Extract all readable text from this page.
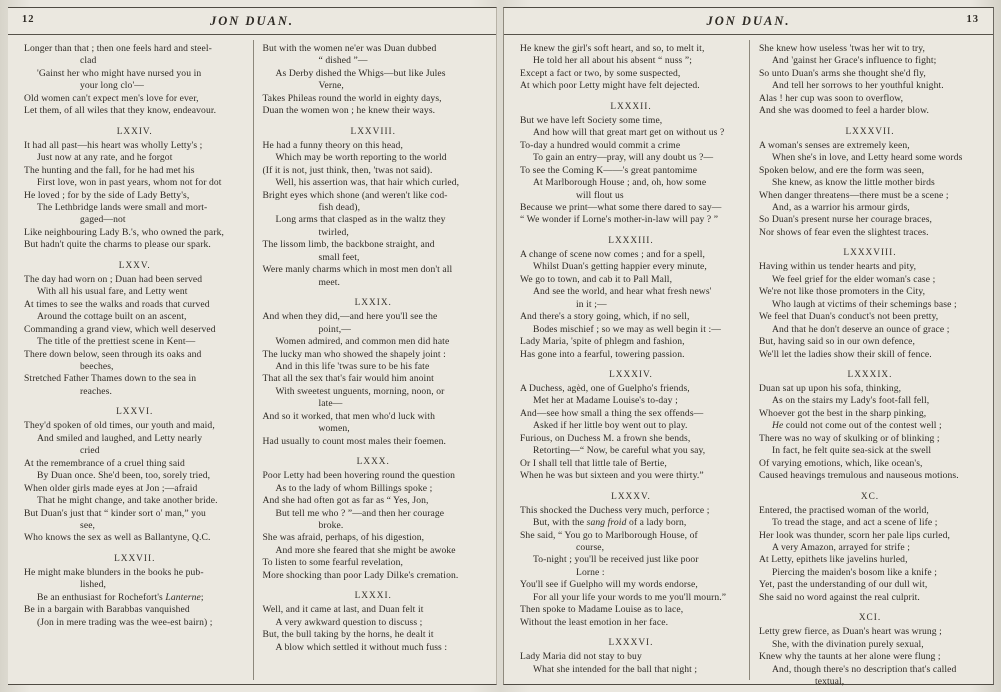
12	JON DUAN.
Longer than that ; then one feels hard and steel-
clad
'Gainst her who might have nursed you in
your long clo'—
Old women can't expect men's love for ever,
Let them, of all wiles that they know, endeavour.
LXXIV.
It had all past—his heart was wholly Letty's ;
Just now at any rate, and he forgot
The hunting and the fall, for he had met his
First love, won in past years, whom not for dot
He loved ; for by the side of Lady Betty's,
The Lethbridge lands were small and mort-
gaged—not
Like neighbouring Lady B.'s, who owned the park,
But hadn't quite the charms to please our spark.
LXXV.
The day had worn on ; Duan had been served
With all his usual fare, and Letty went
At times to see the walks and roads that curved
Around the cottage built on an ascent,
Commanding a grand view, which well deserved
The title of the prettiest scene in Kent—
There down below, seen through its oaks and
beeches,
Stretched Father Thames down to the sea in
reaches.
LXXVI.
They'd spoken of old times, our youth and maid,
And smiled and laughed, and Letty nearly
cried
At the remembrance of a cruel thing said
By Duan once. She'd been, too, sorely tried,
When older girls made eyes at Jon ;—afraid
That he might change, and take another bride.
But Duan's just that “ kinder sort o' man,” you
see,
Who knows the sex as well as Ballantyne, Q.C.
LXXVII.
He might make blunders in the books he pub-
lished,
Be an enthusiast for Rochefort's Lanterne;
Be in a bargain with Barabbas vanquished
(Jon in mere trading was the wee-est bairn) ;
But with the women ne'er was Duan dubbed
“ dished ”—
As Derby dished the Whigs—but like Jules
Verne,
Takes Phileas round the world in eighty days,
Duan the women won ; he knew their ways.
LXXVIII.
He had a funny theory on this head,
Which may be worth reporting to the world
(If it is not, just think, then, 'twas not said).
Well, his assertion was, that hair which curled,
Bright eyes which shone (and weren't like cod-
fish dead),
Long arms that clasped as in the waltz they
twirled,
The lissom limb, the backbone straight, and
small feet,
Were manly charms which in most men don't all
meet.
LXXIX.
And when they did,—and here you'll see the
point,—
Women admired, and common men did hate
The lucky man who showed the shapely joint :
And in this life 'twas sure to be his fate
That all the sex that's fair would him anoint
With sweetest unguents, morning, noon, or
late—
And so it worked, that men who'd luck with
women,
Had usually to count most males their foemen.
LXXX.
Poor Letty had been hovering round the question
As to the lady of whom Billings spoke ;
And she had often got as far as “ Yes, Jon,
But tell me who ? ”—and then her courage
broke.
She was afraid, perhaps, of his digestion,
And more she feared that she might be awoke
To listen to some fearful revelation,
More shocking than poor Lady Dilke's cremation.
LXXXI.
Well, and it came at last, and Duan felt it
A very awkward question to discuss ;
But, the bull taking by the horns, he dealt it
A blow which settled it without much fuss :
JON DUAN.	13
He knew the girl's soft heart, and so, to melt it,
He told her all about his absent “ nuss ”;
Except a fact or two, by some suspected,
At which poor Letty might have felt dejected.
LXXXII.
But we have left Society some time,
And how will that great mart get on without us ?
To-day a hundred would commit a crime
To gain an entry—pray, will any doubt us ?—
To see the Coming K——'s great pantomime
At Marlborough House ; and, oh, how some
will flout us
Because we print—what some there dared to say—
“ We wonder if Lorne's mother-in-law will pay ? ”
LXXXIII.
A change of scene now comes ; and for a spell,
Whilst Duan's getting happier every minute,
We go to town, and cab it to Pall Mall,
And see the world, and hear what fresh news'
in it ;—
And there's a story going, which, if no sell,
Bodes mischief ; so we may as well begin it :—
Lady Maria, 'spite of phlegm and fashion,
Has gone into a fearful, towering passion.
LXXXIV.
A Duchess, agèd, one of Guelpho's friends,
Met her at Madame Louise's to-day ;
And—see how small a thing the sex offends—
Asked if her little boy went out to play.
Furious, on Duchess M. a frown she bends,
Retorting—“ Now, be careful what you say,
Or I shall tell that little tale of Bertie,
When he was but sixteen and you were thirty.”
LXXXV.
This shocked the Duchess very much, perforce ;
But, with the sang froid of a lady born,
She said, “ You go to Marlborough House, of
course,
To-night ; you'll be received just like poor
Lorne :
You'll see if Guelpho will my words endorse,
For all your life your words to me you'll mourn.”
Then spoke to Madame Louise as to lace,
Without the least emotion in her face.
LXXXVI.
Lady Maria did not stay to buy
What she intended for the ball that night ;
She knew how useless 'twas her wit to try,
And 'gainst her Grace's influence to fight;
So unto Duan's arms she thought she'd fly,
And tell her sorrows to her youthful knight.
Alas ! her cup was soon to overflow,
And she was doomed to feel a harder blow.
LXXXVII.
A woman's senses are extremely keen,
When she's in love, and Letty heard some words
Spoken below, and ere the form was seen,
She knew, as know the little mother birds
When danger threatens—there must be a scene ;
And, as a warrior his armour girds,
So Duan's present nurse her courage braces,
Nor shows of fear even the slightest traces.
LXXXVIII.
Having within us tender hearts and pity,
We feel grief for the elder woman's case ;
We're not like those promoters in the City,
Who laugh at victims of their schemings base ;
We feel that Duan's conduct's not been pretty,
And that he don't deserve an ounce of grace ;
But, having said so in our own defence,
We'll let the ladies show their skill of fence.
LXXXIX.
Duan sat up upon his sofa, thinking,
As on the stairs my Lady's foot-fall fell,
Whoever got the best in the sharp pinking,
He could not come out of the contest well ;
There was no way of skulking or of blinking ;
In fact, he felt quite sea-sick at the swell
Of varying emotions, which, like ocean's,
Caused heavings tremulous and nauseous motions.
XC.
Entered, the practised woman of the world,
To tread the stage, and act a scene of life ;
Her look was thunder, scorn her pale lips curled,
A very Amazon, arrayed for strife ;
At Letty, epithets like javelins hurled,
Piercing the maiden's bosom like a knife ;
Yet, past the understanding of our dull wit,
She said no word against the real culprit.
XCI.
Letty grew fierce, as Duan's heart was wrung ;
She, with the divination purely sexual,
Knew why the taunts at her alone were flung ;
And, though there's no description that's called
textual,
